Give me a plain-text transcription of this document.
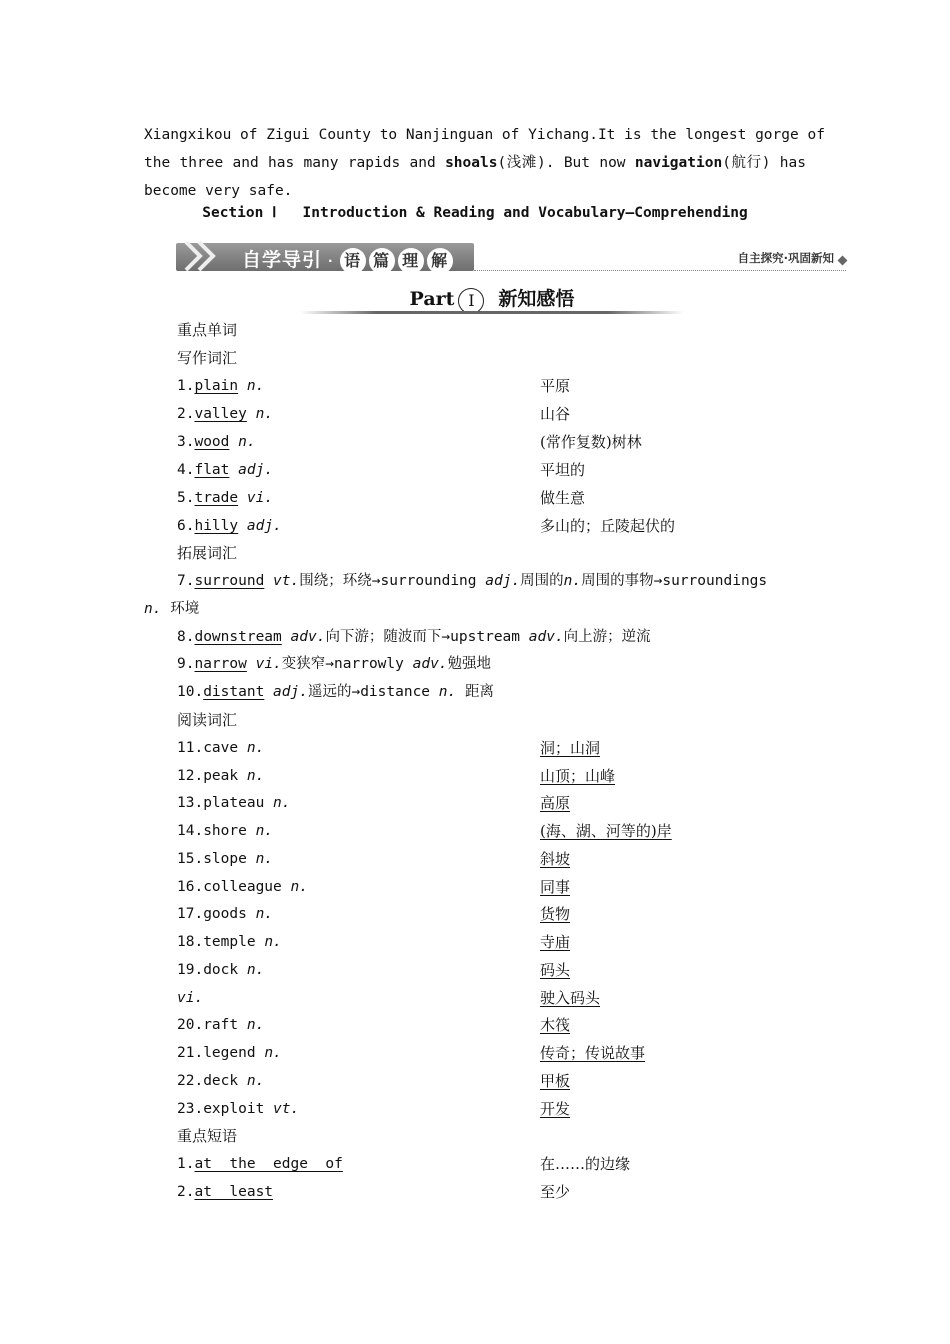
Xiangxikou of Zigui County to Nanjinguan of Yichang.It is the longest gorge of
the three and has many rapids and shoals(浅滩). But now navigation(航行) has
become very safe.
Section Ⅰ   Introduction & Reading and Vocabulary—Comprehending
自学导引 · 语 篇 理 解	自主探究·巩固新知
Part Ⅰ 新知感悟
重点单词
写作词汇
1.plain n.	平原
2.valley n.	山谷
3.wood n.	(常作复数)树林
4.flat adj.	平坦的
5.trade vi.	做生意
6.hilly adj.	多山的；丘陵起伏的
拓展词汇
7.surround vt.围绕；环绕→surrounding adj.周围的n.周围的事物→surroundings
n. 环境
8.downstream adv.向下游；随波而下→upstream adv.向上游；逆流
9.narrow vi.变狭窄→narrowly adv.勉强地
10.distant adj.遥远的→distance n. 距离
阅读词汇
11.cave n.	洞；山洞
12.peak n.	山顶；山峰
13.plateau n.	高原
14.shore n.	(海、湖、河等的)岸
15.slope n.	斜坡
16.colleague n.	同事
17.goods n.	货物
18.temple n.	寺庙
19.dock n.	码头
vi.	驶入码头
20.raft n.	木筏
21.legend n.	传奇；传说故事
22.deck n.	甲板
23.exploit vt.	开发
重点短语
1.at  the  edge  of	在……的边缘
2.at  least	至少
